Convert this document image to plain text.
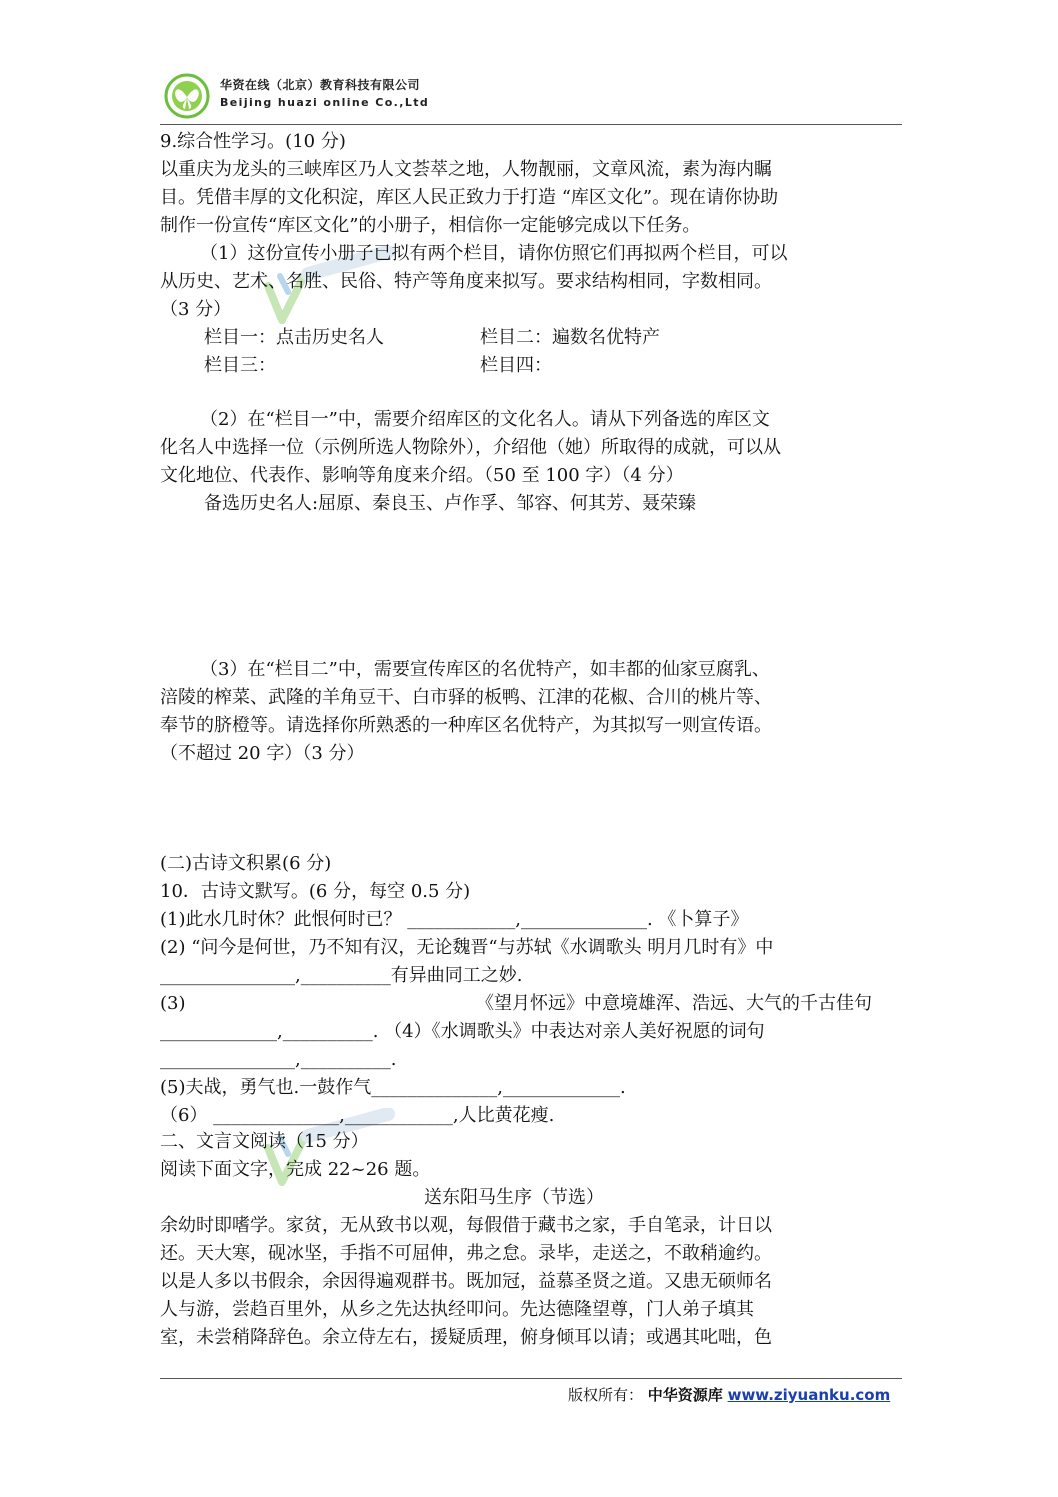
华资在线（北京）教育科技有限公司
Beijing huazi online Co.,Ltd
9.综合性学习。(10 分)
以重庆为龙头的三峡库区乃人文荟萃之地，人物靓丽，文章风流，素为海内瞩
目。凭借丰厚的文化积淀，库区人民正致力于打造 “库区文化”。现在请你协助
制作一份宣传“库区文化”的小册子，相信你一定能够完成以下任务。
（1）这份宣传小册子已拟有两个栏目，请你仿照它们再拟两个栏目，可以
从历史、艺术、名胜、民俗、特产等角度来拟写。要求结构相同，字数相同。
（3 分）
栏目一：点击历史名人	栏目二：遍数名优特产
栏目三：	栏目四：
（2）在“栏目一”中，需要介绍库区的文化名人。请从下列备选的库区文
化名人中选择一位（示例所选人物除外），介绍他（她）所取得的成就，可以从
文化地位、代表作、影响等角度来介绍。（50 至 100 字）（4 分）
备选历史名人:屈原、秦良玉、卢作孚、邹容、何其芳、聂荣臻
（3）在“栏目二”中，需要宣传库区的名优特产，如丰都的仙家豆腐乳、
涪陵的榨菜、武隆的羊角豆干、白市驿的板鸭、江津的花椒、合川的桃片等、
奉节的脐橙等。请选择你所熟悉的一种库区名优特产，为其拟写一则宣传语。
（不超过 20 字）（3 分）
(二)古诗文积累(6 分)
10．古诗文默写。(6 分，每空 0.5 分)
(1)此水几时休？此恨何时已？ ____________,______________. 《卜算子》
(2) “问今是何世，乃不知有汉，无论魏晋“与苏轼《水调歌头 明月几时有》中
_______________,__________有异曲同工之妙.
(3)	《望月怀远》中意境雄浑、浩远、大气的千古佳句
_____________,__________. （4）《水调歌头》中表达对亲人美好祝愿的词句
_______________,__________.
(5)夫战，勇气也.一鼓作气______________,_____________.
（6） ______________,____________,人比黄花瘦.
二、文言文阅读（15 分）
阅读下面文字，完成 22~26 题。
送东阳马生序（节选）
余幼时即嗜学。家贫，无从致书以观，每假借于藏书之家，手自笔录，计日以
还。天大寒，砚冰坚，手指不可屈伸，弗之怠。录毕，走送之，不敢稍逾约。
以是人多以书假余，余因得遍观群书。既加冠，益慕圣贤之道。又患无硕师名
人与游，尝趋百里外，从乡之先达执经叩问。先达德隆望尊，门人弟子填其
室，未尝稍降辞色。余立侍左右，援疑质理，俯身倾耳以请；或遇其叱咄，色
版权所有： 中华资源库 www.ziyuanku.com
